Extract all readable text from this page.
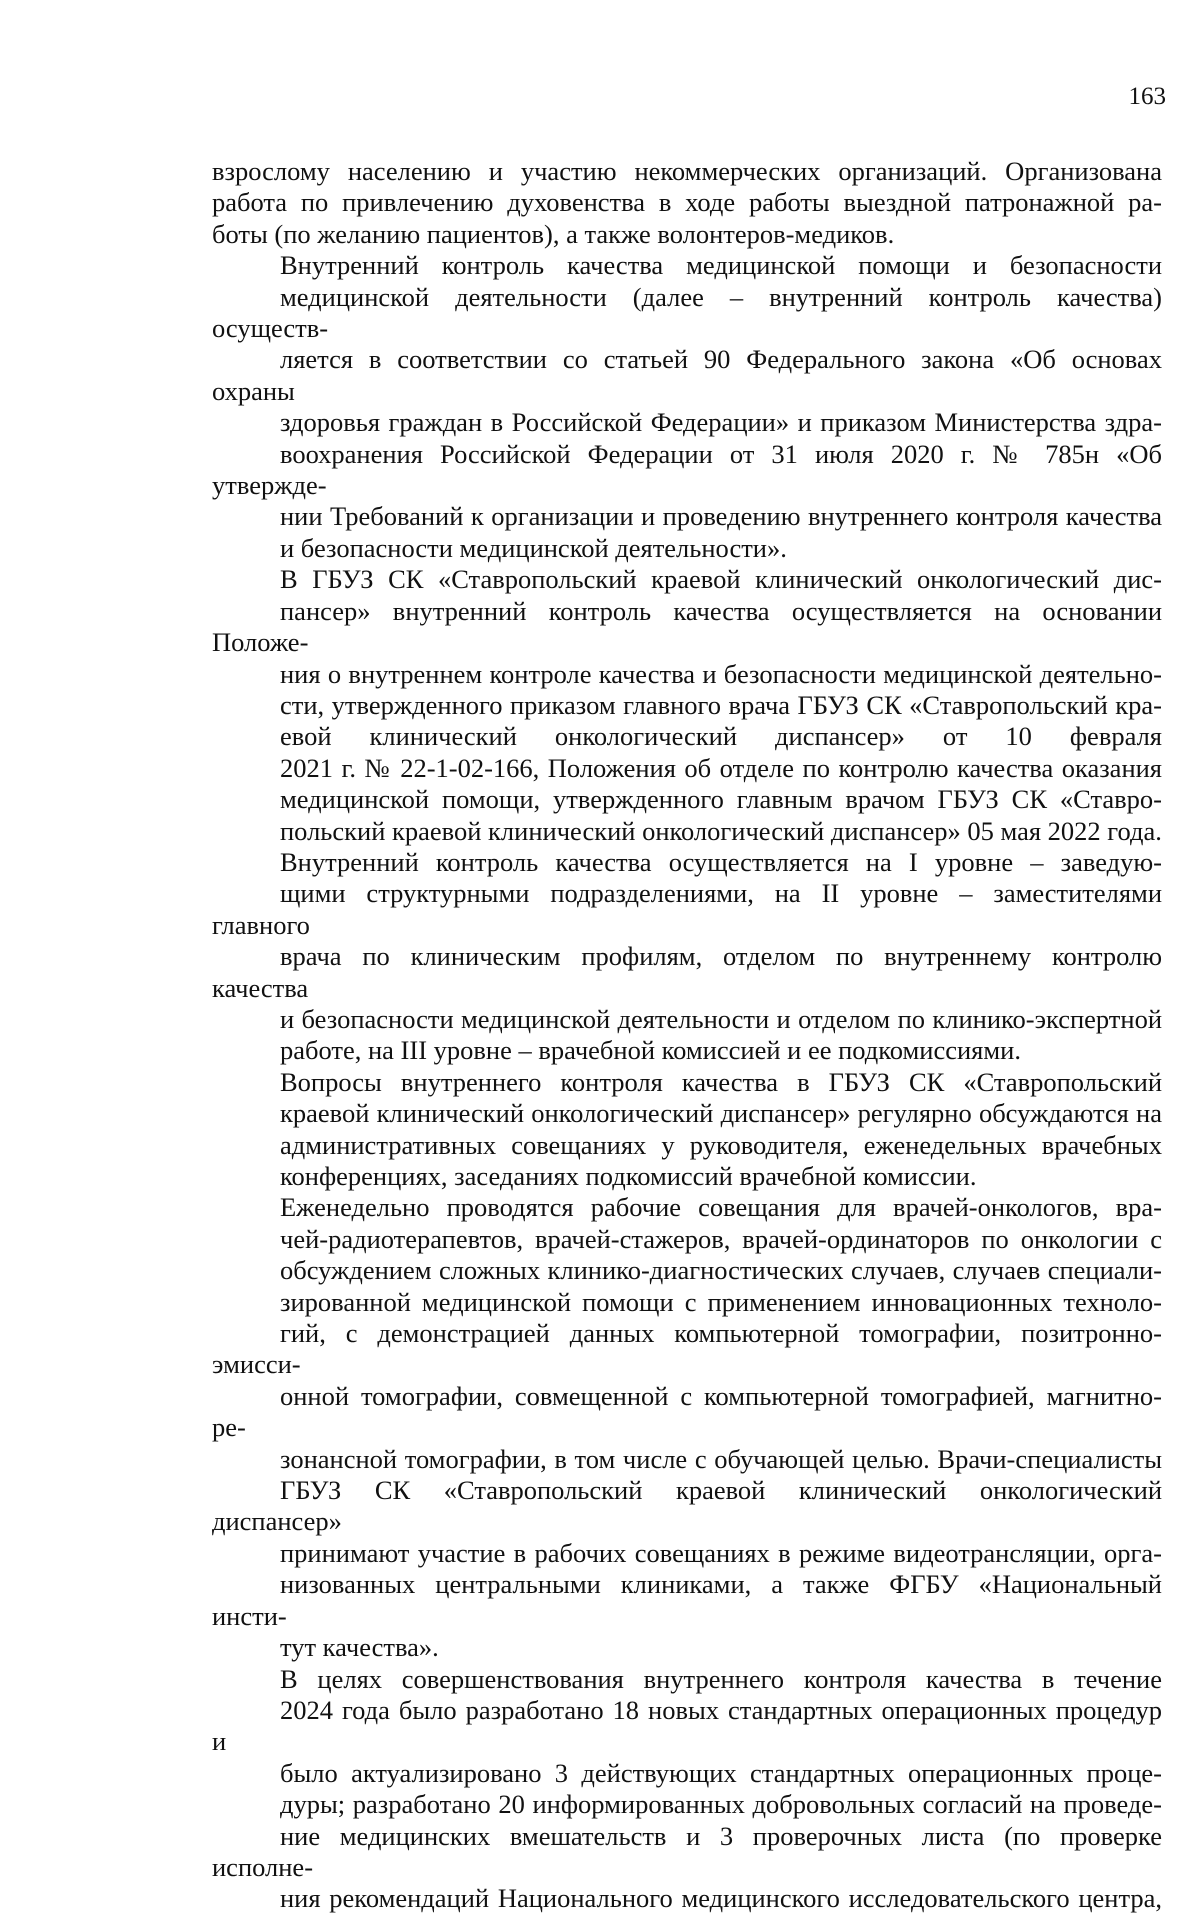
163

взрослому населению и участию некоммерческих организаций. Организована
работа по привлечению духовенства в ходе работы выездной патронажной ра-
боты (по желанию пациентов), а также волонтеров-медиков.

Внутренний контроль качества медицинской помощи и безопасности
медицинской деятельности (далее – внутренний контроль качества) осуществ-
ляется в соответствии со статьей 90 Федерального закона «Об основах охраны
здоровья граждан в Российской Федерации» и приказом Министерства здра-
воохранения Российской Федерации от 31 июля 2020 г. № 785н «Об утвержде-
нии Требований к организации и проведению внутреннего контроля качества
и безопасности медицинской деятельности».

В ГБУЗ СК «Ставропольский краевой клинический онкологический дис-
пансер» внутренний контроль качества осуществляется на основании Положе-
ния о внутреннем контроле качества и безопасности медицинской деятельно-
сти, утвержденного приказом главного врача ГБУЗ СК «Ставропольский кра-
евой клинический онкологический диспансер» от 10 февраля
2021 г. № 22-1-02-166, Положения об отделе по контролю качества оказания
медицинской помощи, утвержденного главным врачом ГБУЗ СК «Ставро-
польский краевой клинический онкологический диспансер» 05 мая 2022 года.

Внутренний контроль качества осуществляется на I уровне – заведую-
щими структурными подразделениями, на II уровне – заместителями главного
врача по клиническим профилям, отделом по внутреннему контролю качества
и безопасности медицинской деятельности и отделом по клинико-экспертной
работе, на III уровне – врачебной комиссией и ее подкомиссиями.

Вопросы внутреннего контроля качества в ГБУЗ СК «Ставропольский
краевой клинический онкологический диспансер» регулярно обсуждаются на
административных совещаниях у руководителя, еженедельных врачебных
конференциях, заседаниях подкомиссий врачебной комиссии.

Еженедельно проводятся рабочие совещания для врачей-онкологов, вра-
чей-радиотерапевтов, врачей-стажеров, врачей-ординаторов по онкологии с
обсуждением сложных клинико-диагностических случаев, случаев специали-
зированной медицинской помощи с применением инновационных техноло-
гий, с демонстрацией данных компьютерной томографии, позитронно-эмисси-
онной томографии, совмещенной с компьютерной томографией, магнитно-ре-
зонансной томографии, в том числе с обучающей целью. Врачи-специалисты
ГБУЗ СК «Ставропольский краевой клинический онкологический диспансер»
принимают участие в рабочих совещаниях в режиме видеотрансляции, орга-
низованных центральными клиниками, а также ФГБУ «Национальный инсти-
тут качества».

В целях совершенствования внутреннего контроля качества в течение
2024 года было разработано 18 новых стандартных операционных процедур и
было актуализировано 3 действующих стандартных операционных проце-
дуры; разработано 20 информированных добровольных согласий на проведе-
ние медицинских вмешательств и 3 проверочных листа (по проверке исполне-
ния рекомендаций Национального медицинского исследовательского центра,
